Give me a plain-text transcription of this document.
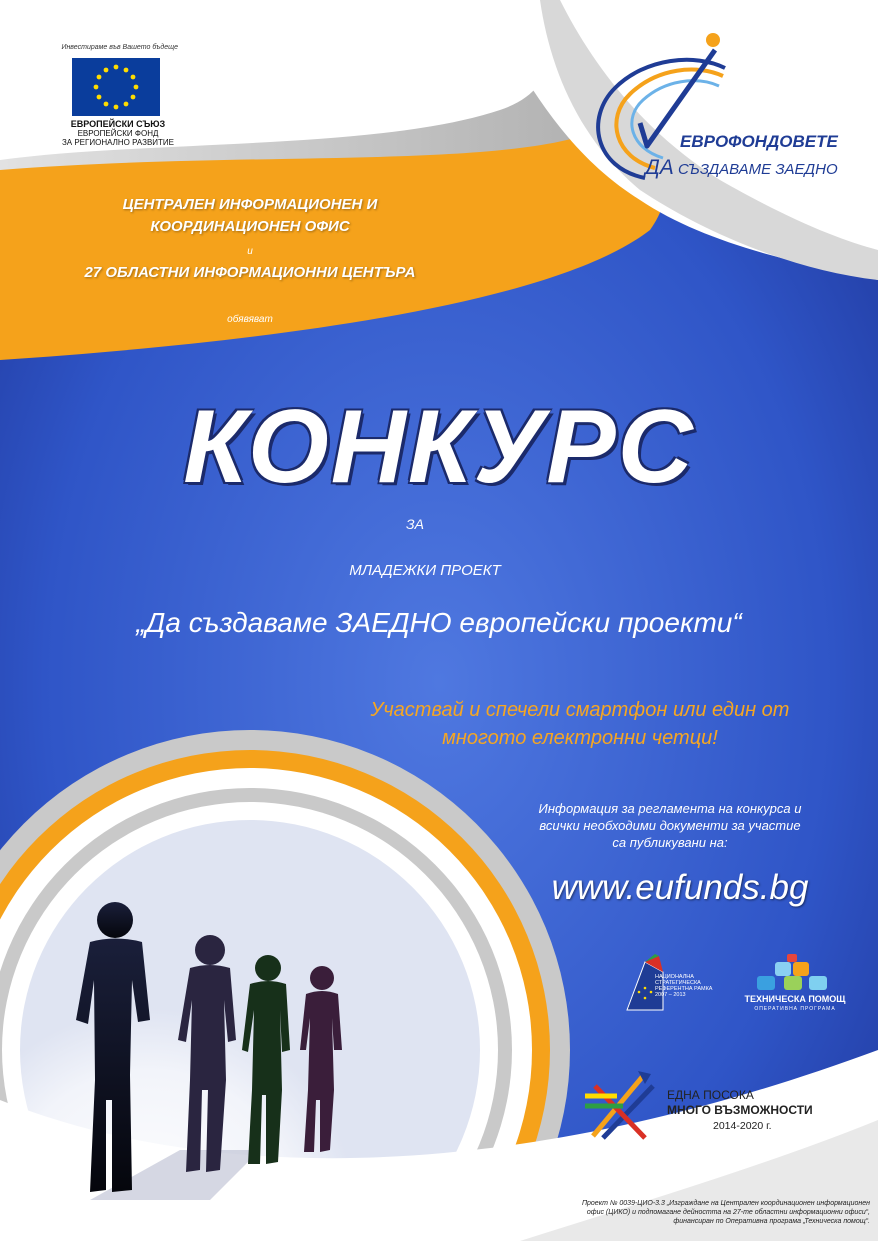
Инвестираме във Вашето бъдеще
ЕВРОПЕЙСКИ СЪЮЗ
ЕВРОПЕЙСКИ ФОНД
ЗА РЕГИОНАЛНО РАЗВИТИЕ	ЕВРОФОНДОВЕТЕ
ДА СЪЗДАВАМЕ ЗАЕДНО
ЦЕНТРАЛЕН ИНФОРМАЦИОНЕН И
КООРДИНАЦИОНЕН ОФИС
и
27 ОБЛАСТНИ ИНФОРМАЦИОННИ ЦЕНТЪРА
обявяват
КОНКУРС
ЗА
МЛАДЕЖКИ ПРОЕКТ
„Да създаваме ЗАЕДНО европейски проекти“
Участвай и спечели смартфон или един от
многото електронни четци!
Информация за регламента на конкурса и
всички необходими документи за участие
са публикувани на:
www.eufunds.bg
НАЦИОНАЛНА
СТРАТЕГИЧЕСКА
РЕФЕРЕНТНА РАМКА
2007 – 2013	ТЕХНИЧЕСКА ПОМОЩ
ОПЕРАТИВНА ПРОГРАМА
ЕДНА ПОСОКА
МНОГО ВЪЗМОЖНОСТИ
2014-2020 г.
Проект № 0039-ЦИО-3.3 „Изграждане на Централен координационен информационен
офис (ЦИКО) и подпомагане дейността на 27-те областни информационни офиси“,
финансиран по Оперативна програма „Техническа помощ“.
